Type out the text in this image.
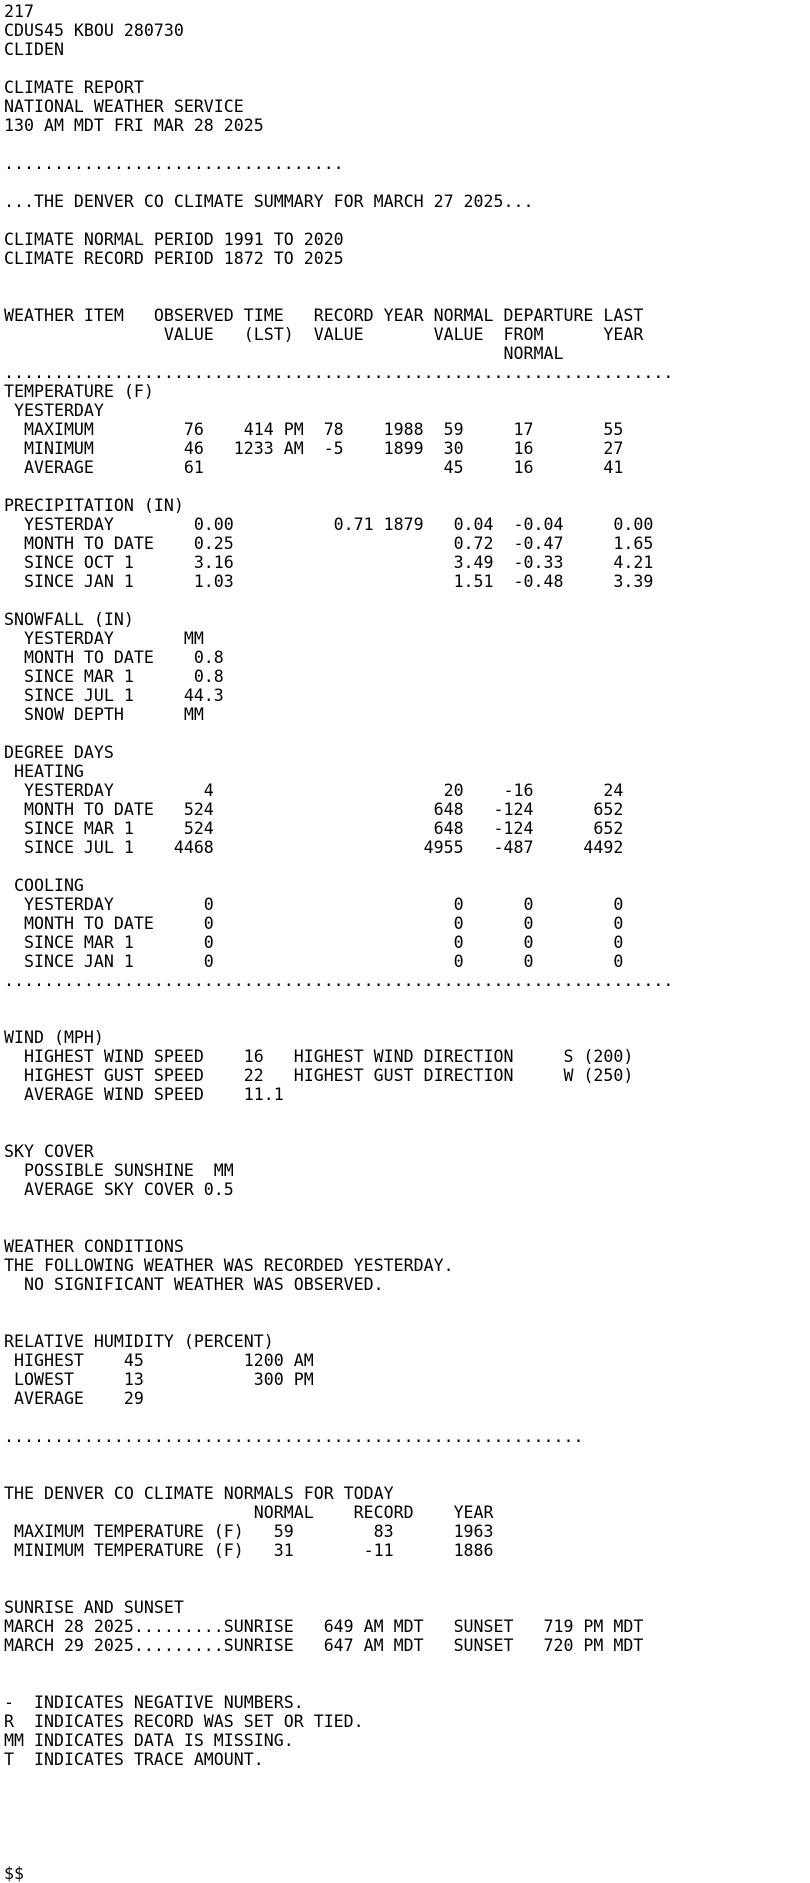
217
CDUS45 KBOU 280730
CLIDEN
CLIMATE REPORT
NATIONAL WEATHER SERVICE
130 AM MDT FRI MAR 28 2025
..................................
...THE DENVER CO CLIMATE SUMMARY FOR MARCH 27 2025...
CLIMATE NORMAL PERIOD 1991 TO 2020
CLIMATE RECORD PERIOD 1872 TO 2025
WEATHER ITEM   OBSERVED TIME   RECORD YEAR NORMAL DEPARTURE LAST
VALUE   (LST)  VALUE       VALUE  FROM      YEAR
NORMAL
...................................................................
TEMPERATURE (F)
YESTERDAY
MAXIMUM         76    414 PM  78    1988  59     17       55
MINIMUM         46   1233 AM  -5    1899  30     16       27
AVERAGE         61                        45     16       41
PRECIPITATION (IN)
YESTERDAY        0.00          0.71 1879   0.04  -0.04     0.00
MONTH TO DATE    0.25                      0.72  -0.47     1.65
SINCE OCT 1      3.16                      3.49  -0.33     4.21
SINCE JAN 1      1.03                      1.51  -0.48     3.39
SNOWFALL (IN)
YESTERDAY       MM
MONTH TO DATE    0.8
SINCE MAR 1      0.8
SINCE JUL 1     44.3
SNOW DEPTH      MM
DEGREE DAYS
HEATING
YESTERDAY         4                       20    -16       24
MONTH TO DATE   524                      648   -124      652
SINCE MAR 1     524                      648   -124      652
SINCE JUL 1    4468                     4955   -487     4492
COOLING
YESTERDAY         0                        0      0        0
MONTH TO DATE     0                        0      0        0
SINCE MAR 1       0                        0      0        0
SINCE JAN 1       0                        0      0        0
...................................................................
WIND (MPH)
HIGHEST WIND SPEED    16   HIGHEST WIND DIRECTION     S (200)
HIGHEST GUST SPEED    22   HIGHEST GUST DIRECTION     W (250)
AVERAGE WIND SPEED    11.1
SKY COVER
POSSIBLE SUNSHINE  MM
AVERAGE SKY COVER 0.5
WEATHER CONDITIONS
THE FOLLOWING WEATHER WAS RECORDED YESTERDAY.
NO SIGNIFICANT WEATHER WAS OBSERVED.
RELATIVE HUMIDITY (PERCENT)
HIGHEST    45          1200 AM
LOWEST     13           300 PM
AVERAGE    29
..........................................................
THE DENVER CO CLIMATE NORMALS FOR TODAY
NORMAL    RECORD    YEAR
MAXIMUM TEMPERATURE (F)   59        83      1963
MINIMUM TEMPERATURE (F)   31       -11      1886
SUNRISE AND SUNSET
MARCH 28 2025.........SUNRISE   649 AM MDT   SUNSET   719 PM MDT
MARCH 29 2025.........SUNRISE   647 AM MDT   SUNSET   720 PM MDT
-  INDICATES NEGATIVE NUMBERS.
R  INDICATES RECORD WAS SET OR TIED.
MM INDICATES DATA IS MISSING.
T  INDICATES TRACE AMOUNT.
$$
